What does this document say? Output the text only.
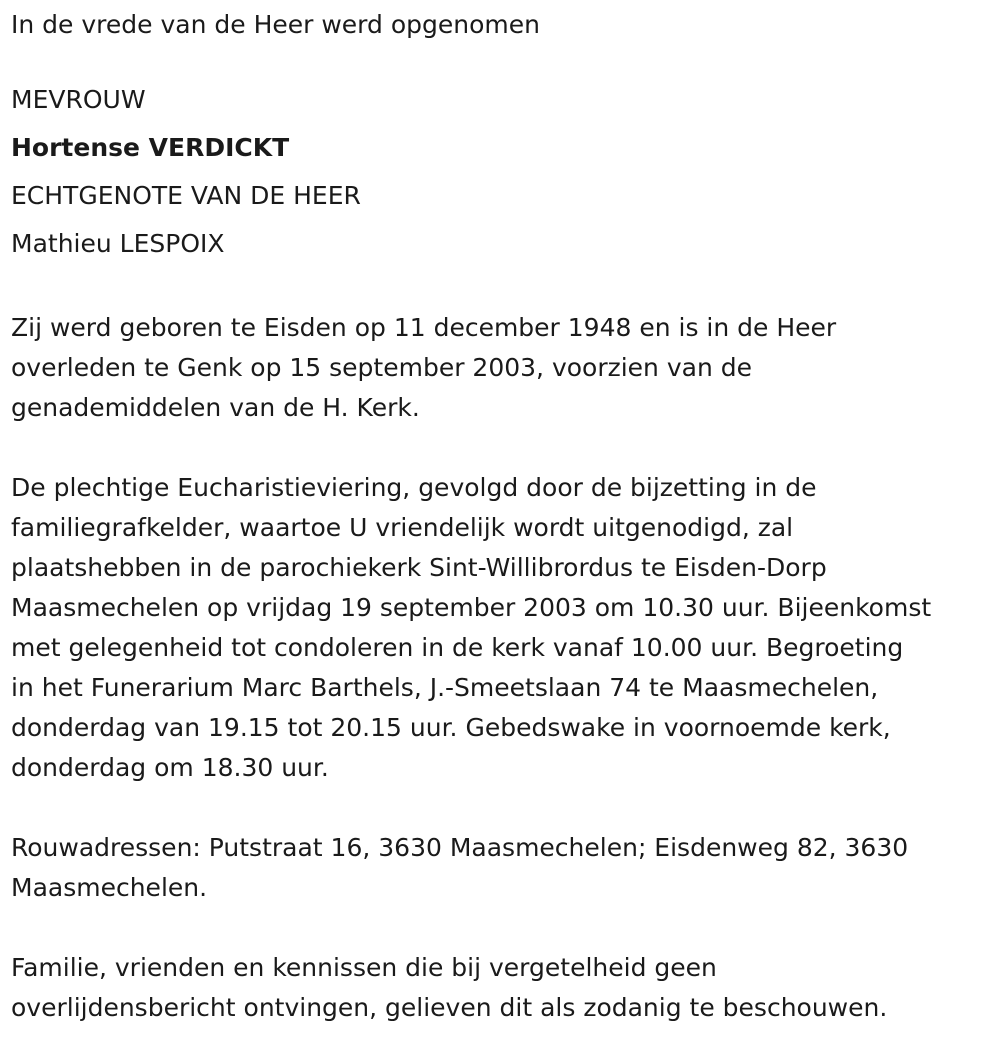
In de vrede van de Heer werd opgenomen

MEVROUW

Hortense VERDICKT

ECHTGENOTE VAN DE HEER

Mathieu LESPOIX

Zij werd geboren te Eisden op 11 december 1948 en is in de Heer

overleden te Genk op 15 september 2003, voorzien van de

genademiddelen van de H. Kerk.

De plechtige Eucharistieviering, gevolgd door de bijzetting in de

familiegrafkelder, waartoe U vriendelijk wordt uitgenodigd, zal

plaatshebben in de parochiekerk Sint-Willibrordus te Eisden-Dorp

Maasmechelen op vrijdag 19 september 2003 om 10.30 uur. Bijeenkomst

met gelegenheid tot condoleren in de kerk vanaf 10.00 uur. Begroeting

in het Funerarium Marc Barthels, J.-Smeetslaan 74 te Maasmechelen,

donderdag van 19.15 tot 20.15 uur. Gebedswake in voornoemde kerk,

donderdag om 18.30 uur.

Rouwadressen: Putstraat 16, 3630 Maasmechelen; Eisdenweg 82, 3630

Maasmechelen.

Familie, vrienden en kennissen die bij vergetelheid geen

overlijdensbericht ontvingen, gelieven dit als zodanig te beschouwen.
